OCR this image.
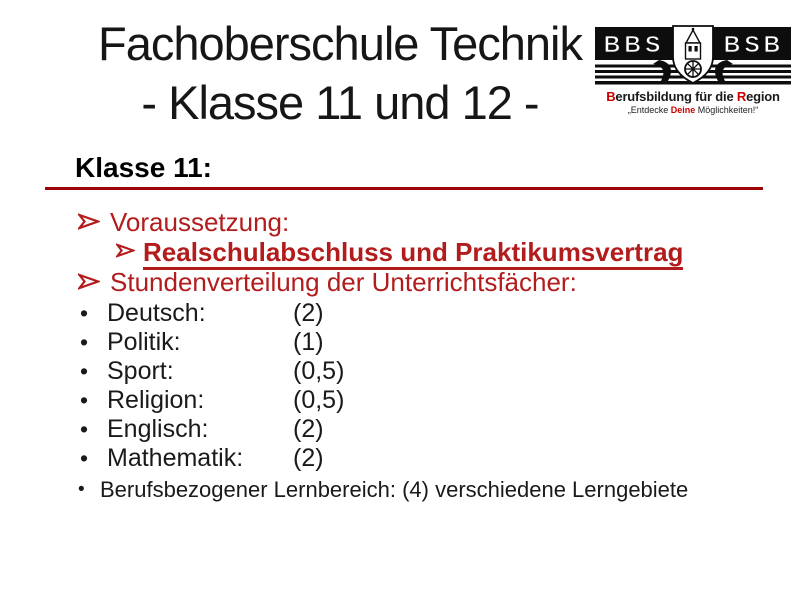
Fachoberschule Technik
- Klasse 11 und 12 -
BBS	BSB
Berufsbildung für die Region
„Entdecke Deine Möglichkeiten!“
Klasse 11:
Voraussetzung:
Realschulabschluss und Praktikumsvertrag
Stundenverteilung der Unterrichtsfächer:
• Deutsch:	(2)
• Politik:	(1)
• Sport:	(0,5)
• Religion:	(0,5)
• Englisch:	(2)
• Mathematik:	(2)
• Berufsbezogener Lernbereich: (4) verschiedene Lerngebiete
